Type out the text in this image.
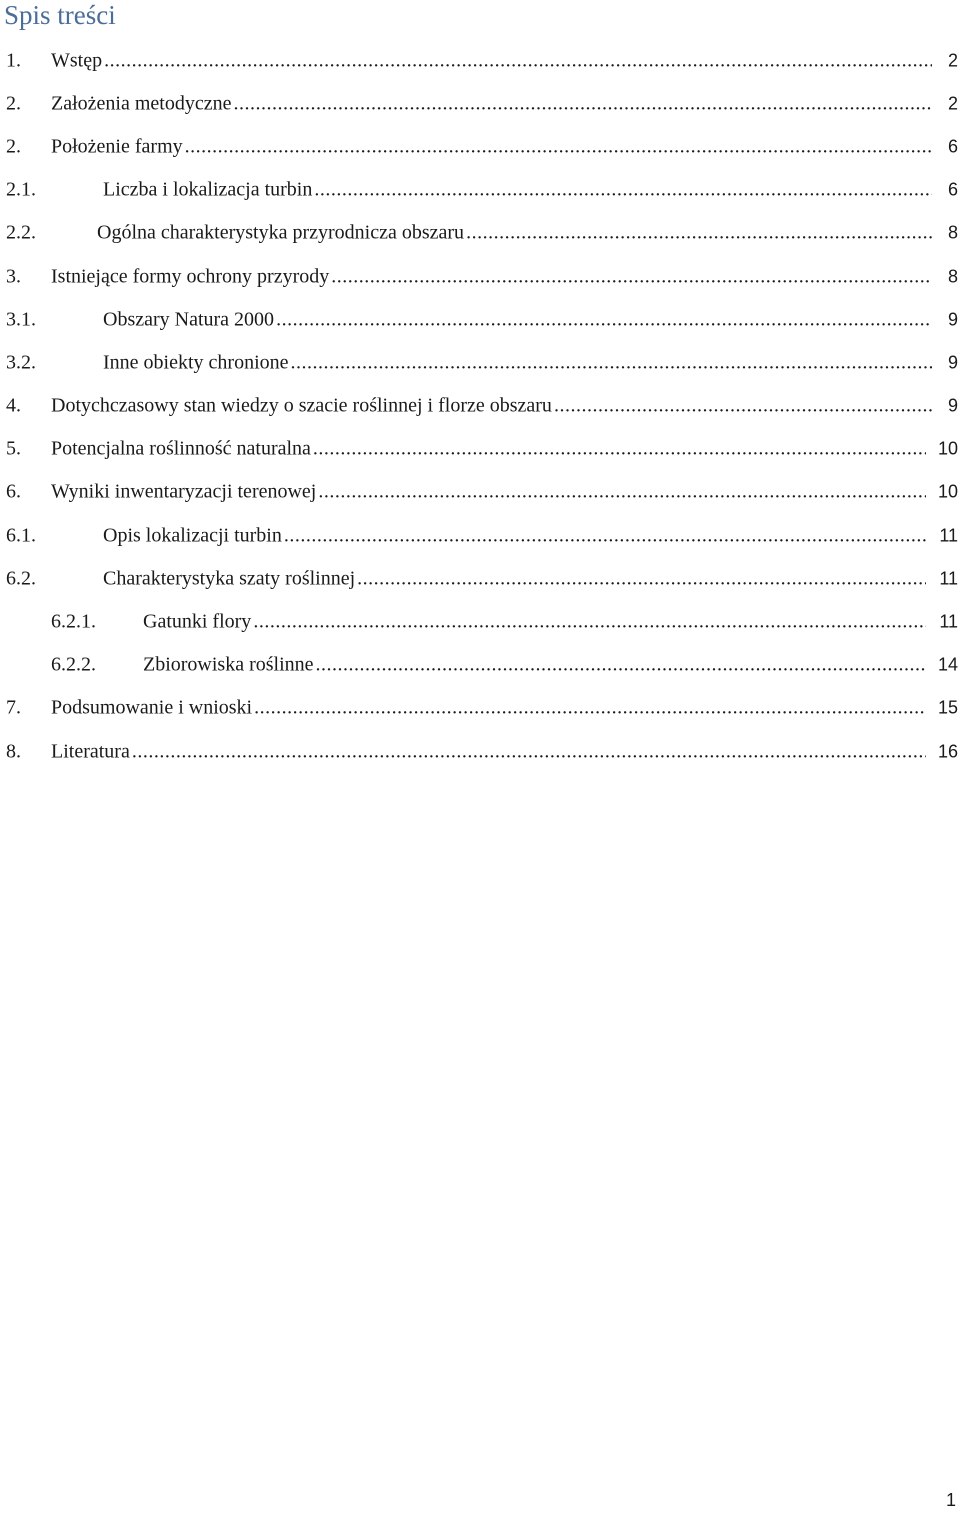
Spis treści
1. Wstęp .....	2
2. Założenia metodyczne .....	2
2. Położenie farmy .....	6
2.1.	Liczba i lokalizacja turbin .....	6
2.2.	Ogólna charakterystyka przyrodnicza obszaru .....	8
3. Istniejące formy ochrony przyrody .....	8
3.1.	Obszary Natura 2000 .....	9
3.2.	Inne obiekty chronione .....	9
4. Dotychczasowy stan wiedzy o szacie roślinnej i florze obszaru .....	9
5. Potencjalna roślinność naturalna .....	10
6. Wyniki inwentaryzacji terenowej .....	10
6.1.	Opis lokalizacji turbin .....	11
6.2.	Charakterystyka szaty roślinnej .....	11
6.2.1. Gatunki flory .....	11
6.2.2. Zbiorowiska roślinne .....	14
7. Podsumowanie i wnioski .....	15
8. Literatura .....	16
1
